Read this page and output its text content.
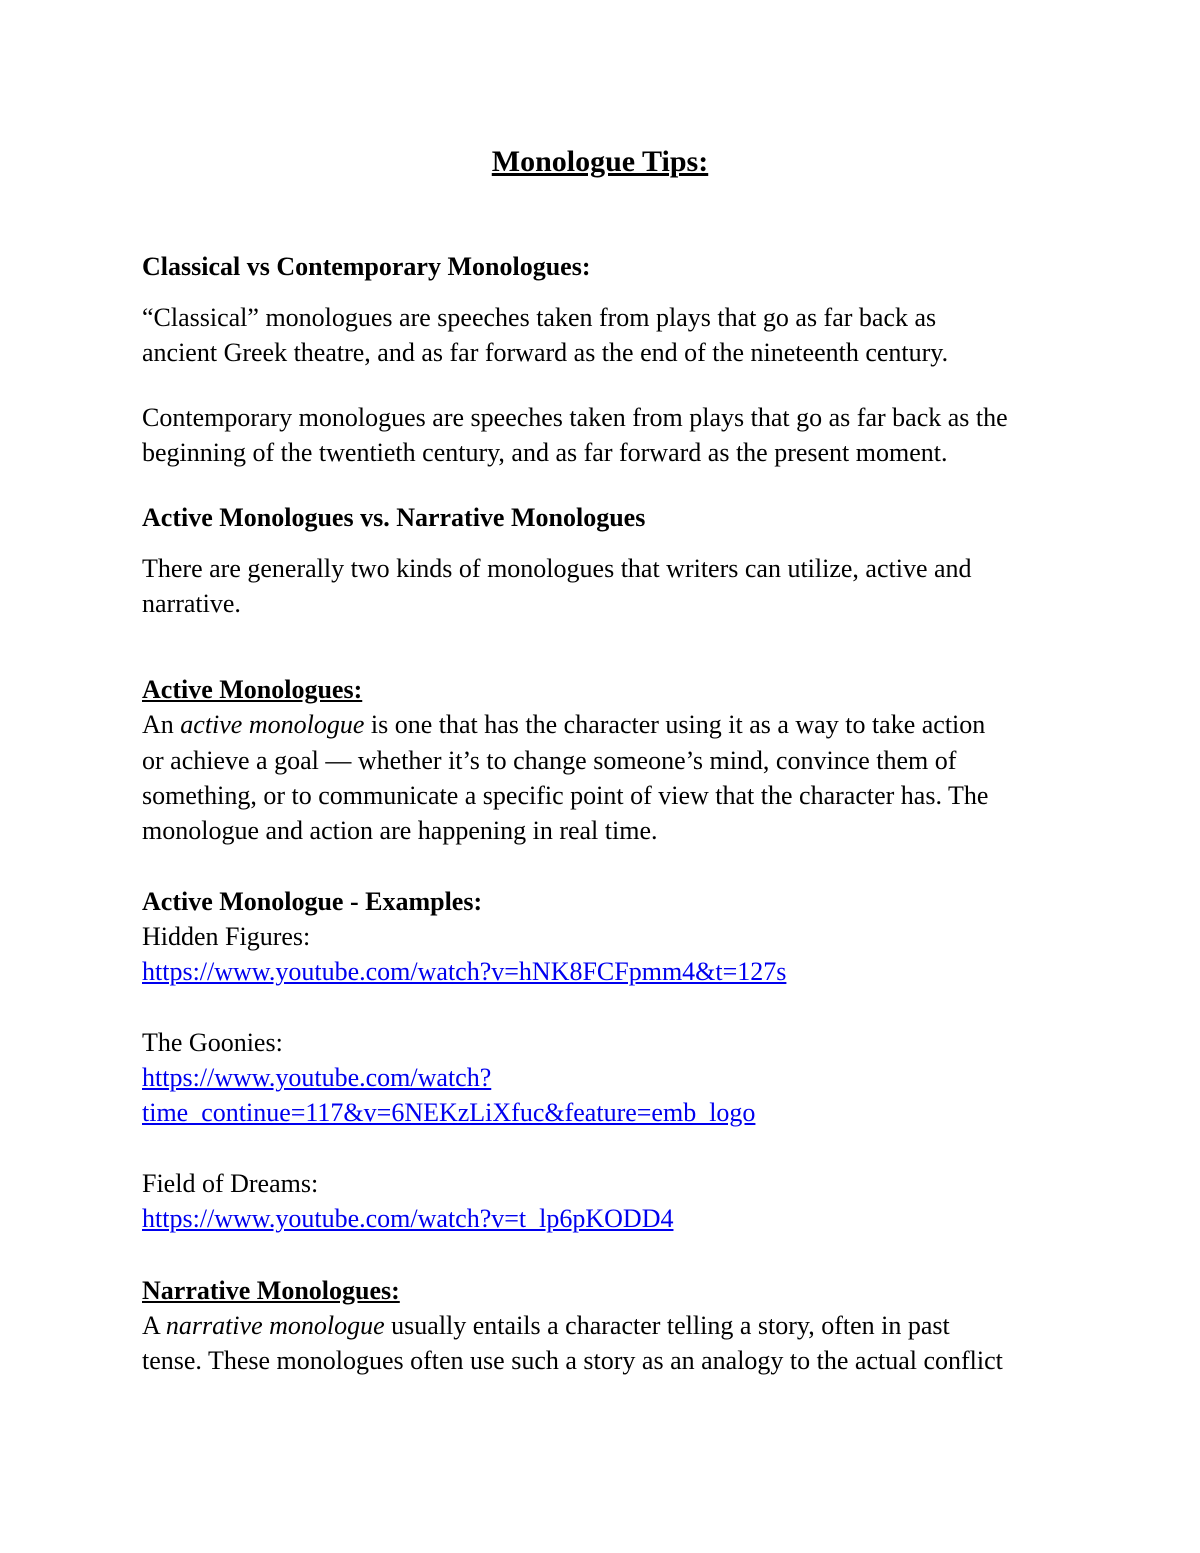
Monologue Tips:
Classical vs Contemporary Monologues:
“Classical” monologues are speeches taken from plays that go as far back as
ancient Greek theatre, and as far forward as the end of the nineteenth century.
Contemporary monologues are speeches taken from plays that go as far back as the
beginning of the twentieth century, and as far forward as the present moment.
Active Monologues vs. Narrative Monologues
There are generally two kinds of monologues that writers can utilize, active and
narrative.
Active Monologues:
An active monologue is one that has the character using it as a way to take action
or achieve a goal — whether it’s to change someone’s mind, convince them of
something, or to communicate a specific point of view that the character has. The
monologue and action are happening in real time.
Active Monologue - Examples:
Hidden Figures:
https://www.youtube.com/watch?v=hNK8FCFpmm4&t=127s
The Goonies:
https://www.youtube.com/watch?
time_continue=117&v=6NEKzLiXfuc&feature=emb_logo
Field of Dreams:
https://www.youtube.com/watch?v=t_lp6pKODD4
Narrative Monologues:
A narrative monologue usually entails a character telling a story, often in past
tense. These monologues often use such a story as an analogy to the actual conflict
